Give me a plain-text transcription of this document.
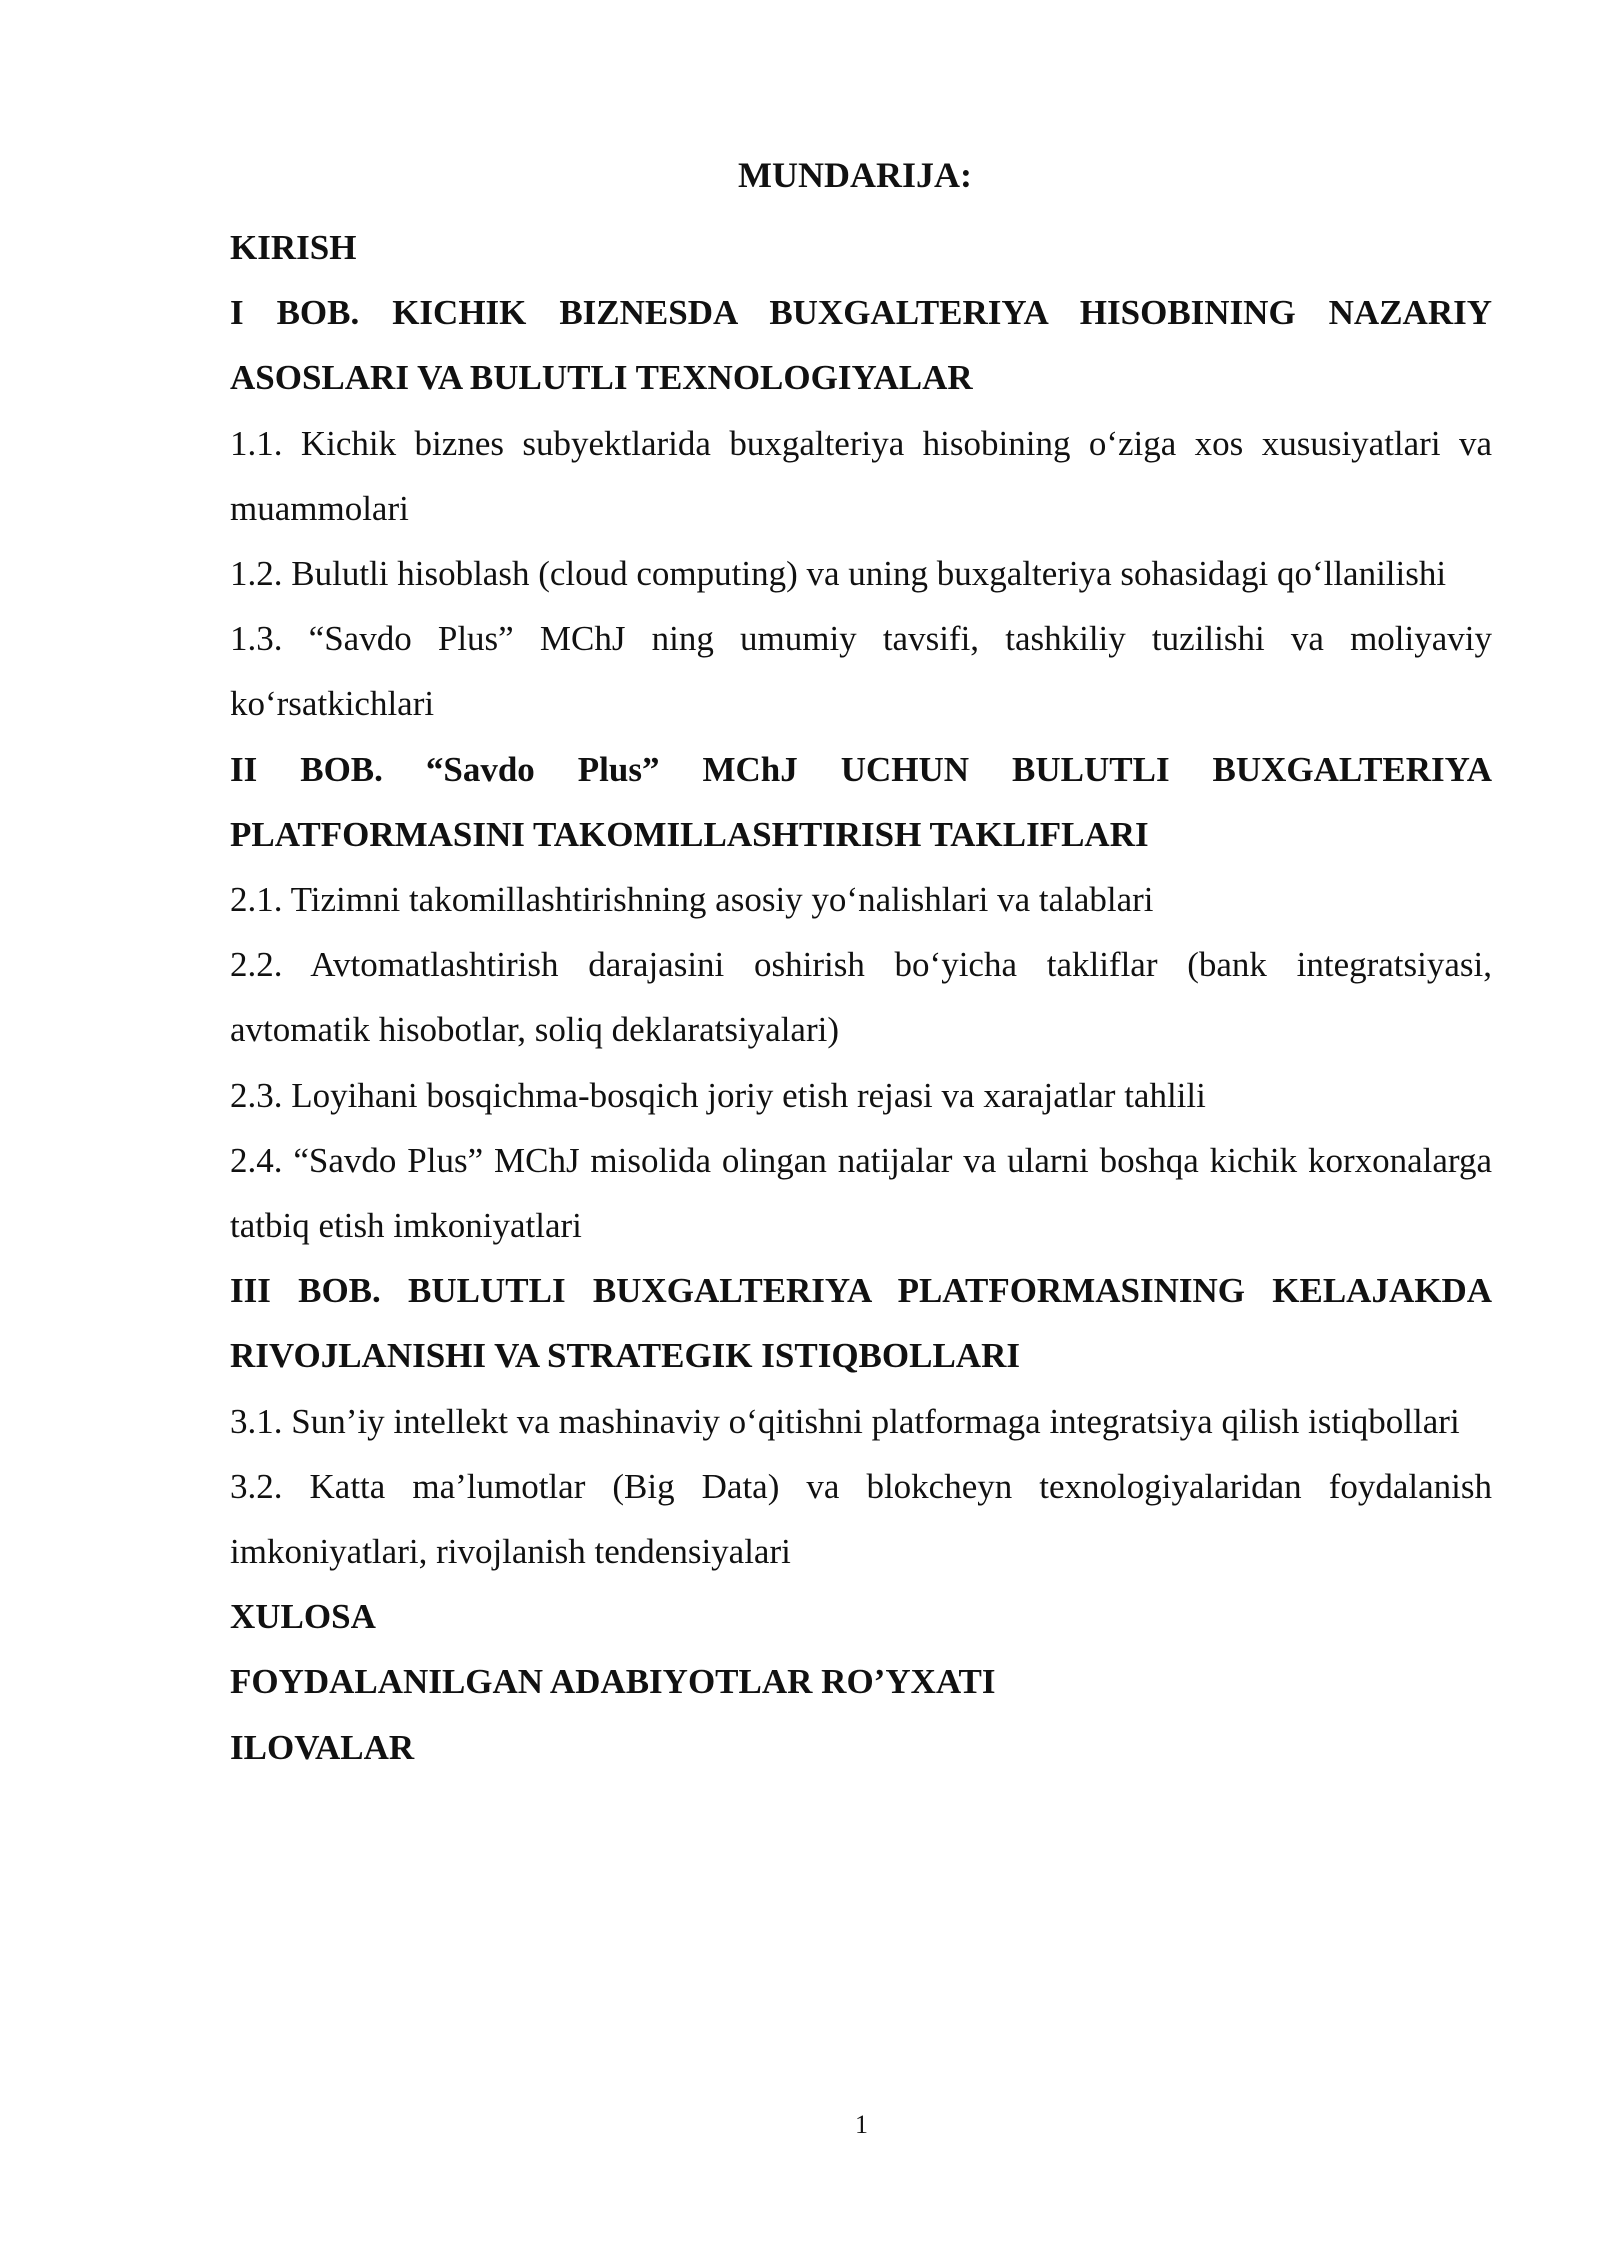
MUNDARIJA:
KIRISH
I BOB. KICHIK BIZNESDA BUXGALTERIYA HISOBINING NAZARIY ASOSLARI VA BULUTLI TEXNOLOGIYALAR
1.1. Kichik biznes subyektlarida buxgalteriya hisobining o‘ziga xos xususiyatlari va muammolari
1.2. Bulutli hisoblash (cloud computing) va uning buxgalteriya sohasidagi qo‘llanilishi
1.3. “Savdo Plus” MChJ ning umumiy tavsifi, tashkiliy tuzilishi va moliyaviy ko‘rsatkichlari
II BOB. “Savdo Plus” MChJ UCHUN BULUTLI BUXGALTERIYA PLATFORMASINI TAKOMILLASHTIRISH TAKLIFLARI
2.1. Tizimni takomillashtirishning asosiy yo‘nalishlari va talablari
2.2. Avtomatlashtirish darajasini oshirish bo‘yicha takliflar (bank integratsiyasi, avtomatik hisobotlar, soliq deklaratsiyalari)
2.3. Loyihani bosqichma-bosqich joriy etish rejasi va xarajatlar tahlili
2.4. “Savdo Plus” MChJ misolida olingan natijalar va ularni boshqa kichik korxonalarga tatbiq etish imkoniyatlari
III BOB. BULUTLI BUXGALTERIYA PLATFORMASINING KELAJAKDA RIVOJLANISHI VA STRATEGIK ISTIQBOLLARI
3.1. Sun’iy intellekt va mashinaviy o‘qitishni platformaga integratsiya qilish istiqbollari
3.2. Katta ma’lumotlar (Big Data) va blokcheyn texnologiyalaridan foydalanish imkoniyatlari, rivojlanish tendensiyalari
XULOSA
FOYDALANILGAN ADABIYOTLAR RO’YXATI
ILOVALAR
1
